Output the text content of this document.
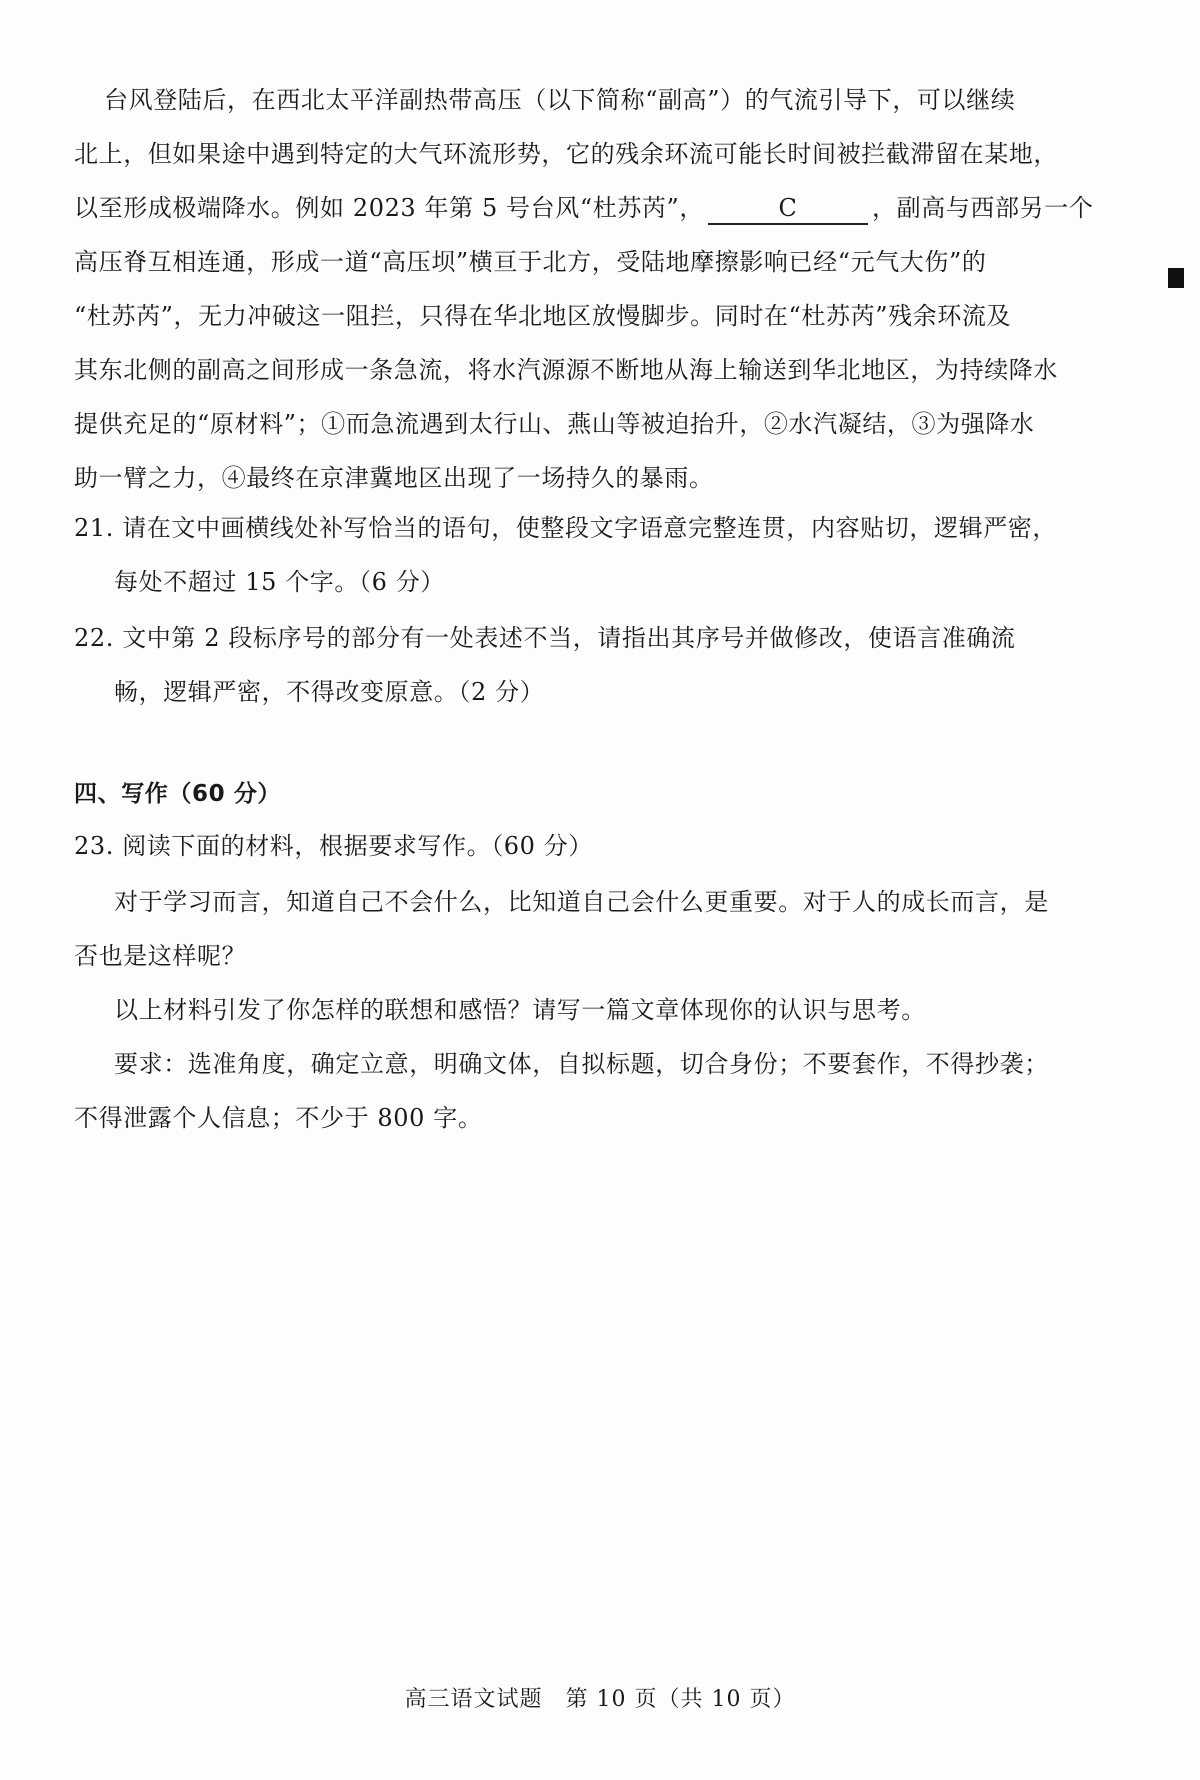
台风登陆后，在西北太平洋副热带高压（以下简称“副高”）的气流引导下，可以继续
北上，但如果途中遇到特定的大气环流形势，它的残余环流可能长时间被拦截滞留在某地，
以至形成极端降水。例如 2023 年第 5 号台风“杜苏芮”，	C	，副高与西部另一个
高压脊互相连通，形成一道“高压坝”横亘于北方，受陆地摩擦影响已经“元气大伤”的
“杜苏芮”，无力冲破这一阻拦，只得在华北地区放慢脚步。同时在“杜苏芮”残余环流及
其东北侧的副高之间形成一条急流，将水汽源源不断地从海上输送到华北地区，为持续降水
提供充足的“原材料”；①而急流遇到太行山、燕山等被迫抬升，②水汽凝结，③为强降水
助一臂之力，④最终在京津冀地区出现了一场持久的暴雨。
21. 请在文中画横线处补写恰当的语句，使整段文字语意完整连贯，内容贴切，逻辑严密，
每处不超过 15 个字。（6 分）
22. 文中第 2 段标序号的部分有一处表述不当，请指出其序号并做修改，使语言准确流
畅，逻辑严密，不得改变原意。（2 分）
四、写作（60 分）
23. 阅读下面的材料，根据要求写作。（60 分）
对于学习而言，知道自己不会什么，比知道自己会什么更重要。对于人的成长而言，是
否也是这样呢？
以上材料引发了你怎样的联想和感悟？请写一篇文章体现你的认识与思考。
要求：选准角度，确定立意，明确文体，自拟标题，切合身份；不要套作，不得抄袭；
不得泄露个人信息；不少于 800 字。
高三语文试题　第 10 页（共 10 页）
